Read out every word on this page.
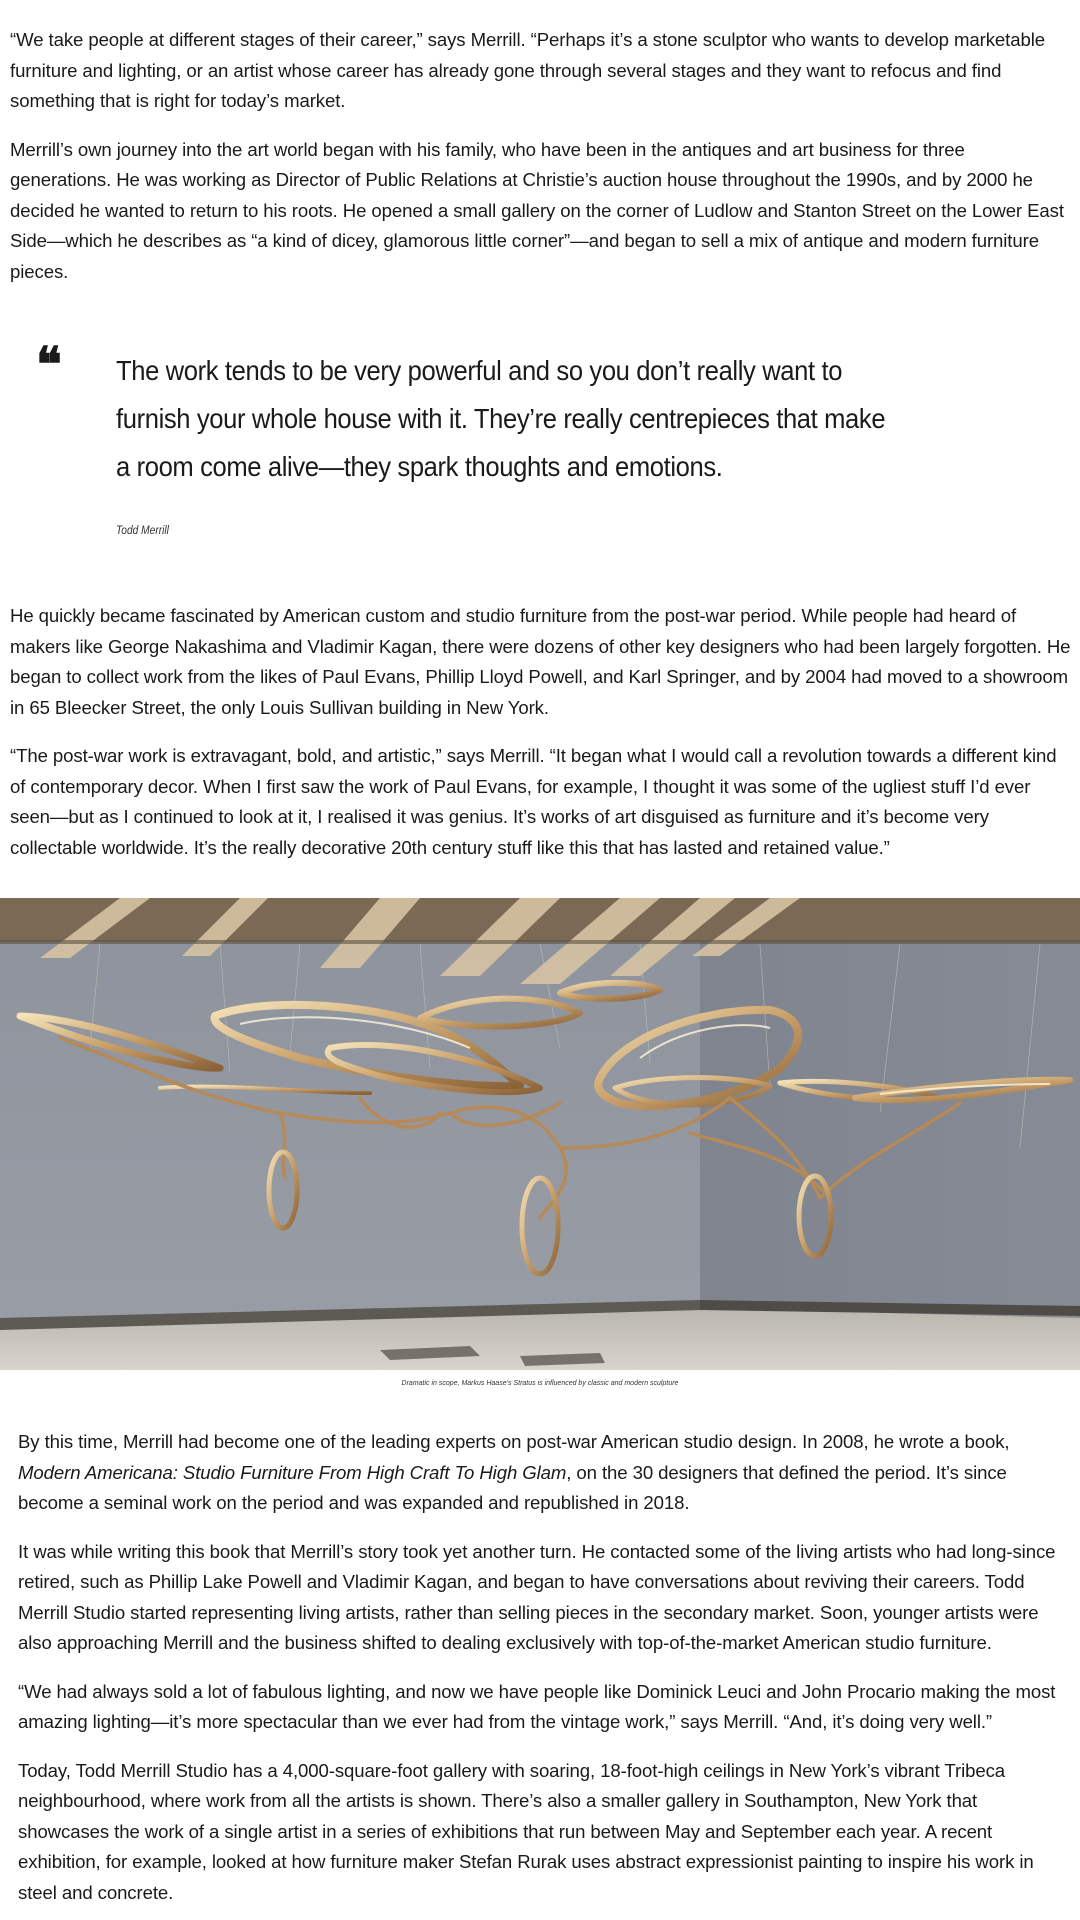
“We take people at different stages of their career,” says Merrill. “Perhaps it’s a stone sculptor who wants to develop marketable furniture and lighting, or an artist whose career has already gone through several stages and they want to refocus and find something that is right for today’s market.

Merrill’s own journey into the art world began with his family, who have been in the antiques and art business for three generations. He was working as Director of Public Relations at Christie’s auction house throughout the 1990s, and by 2000 he decided he wanted to return to his roots. He opened a small gallery on the corner of Ludlow and Stanton Street on the Lower East Side—which he describes as “a kind of dicey, glamorous little corner”—and began to sell a mix of antique and modern furniture pieces.

❝ The work tends to be very powerful and so you don’t really want to furnish your whole house with it. They’re really centrepieces that make a room come alive—they spark thoughts and emotions.

Todd Merrill

He quickly became fascinated by American custom and studio furniture from the post-war period. While people had heard of makers like George Nakashima and Vladimir Kagan, there were dozens of other key designers who had been largely forgotten. He began to collect work from the likes of Paul Evans, Phillip Lloyd Powell, and Karl Springer, and by 2004 had moved to a showroom in 65 Bleecker Street, the only Louis Sullivan building in New York.

“The post-war work is extravagant, bold, and artistic,” says Merrill. “It began what I would call a revolution towards a different kind of contemporary decor. When I first saw the work of Paul Evans, for example, I thought it was some of the ugliest stuff I’d ever seen—but as I continued to look at it, I realised it was genius. It’s works of art disguised as furniture and it’s become very collectable worldwide. It’s the really decorative 20th century stuff like this that has lasted and retained value.”

Dramatic in scope, Markus Haase’s Stratus is influenced by classic and modern sculpture

By this time, Merrill had become one of the leading experts on post-war American studio design. In 2008, he wrote a book, Modern Americana: Studio Furniture From High Craft To High Glam, on the 30 designers that defined the period. It’s since become a seminal work on the period and was expanded and republished in 2018.

It was while writing this book that Merrill’s story took yet another turn. He contacted some of the living artists who had long-since retired, such as Phillip Lake Powell and Vladimir Kagan, and began to have conversations about reviving their careers. Todd Merrill Studio started representing living artists, rather than selling pieces in the secondary market. Soon, younger artists were also approaching Merrill and the business shifted to dealing exclusively with top-of-the-market American studio furniture.

“We had always sold a lot of fabulous lighting, and now we have people like Dominick Leuci and John Procario making the most amazing lighting—it’s more spectacular than we ever had from the vintage work,” says Merrill. “And, it’s doing very well.”

Today, Todd Merrill Studio has a 4,000-square-foot gallery with soaring, 18-foot-high ceilings in New York’s vibrant Tribeca neighbourhood, where work from all the artists is shown. There’s also a smaller gallery in Southampton, New York that showcases the work of a single artist in a series of exhibitions that run between May and September each year. A recent exhibition, for example, looked at how furniture maker Stefan Rurak uses abstract expressionist painting to inspire his work in steel and concrete.
